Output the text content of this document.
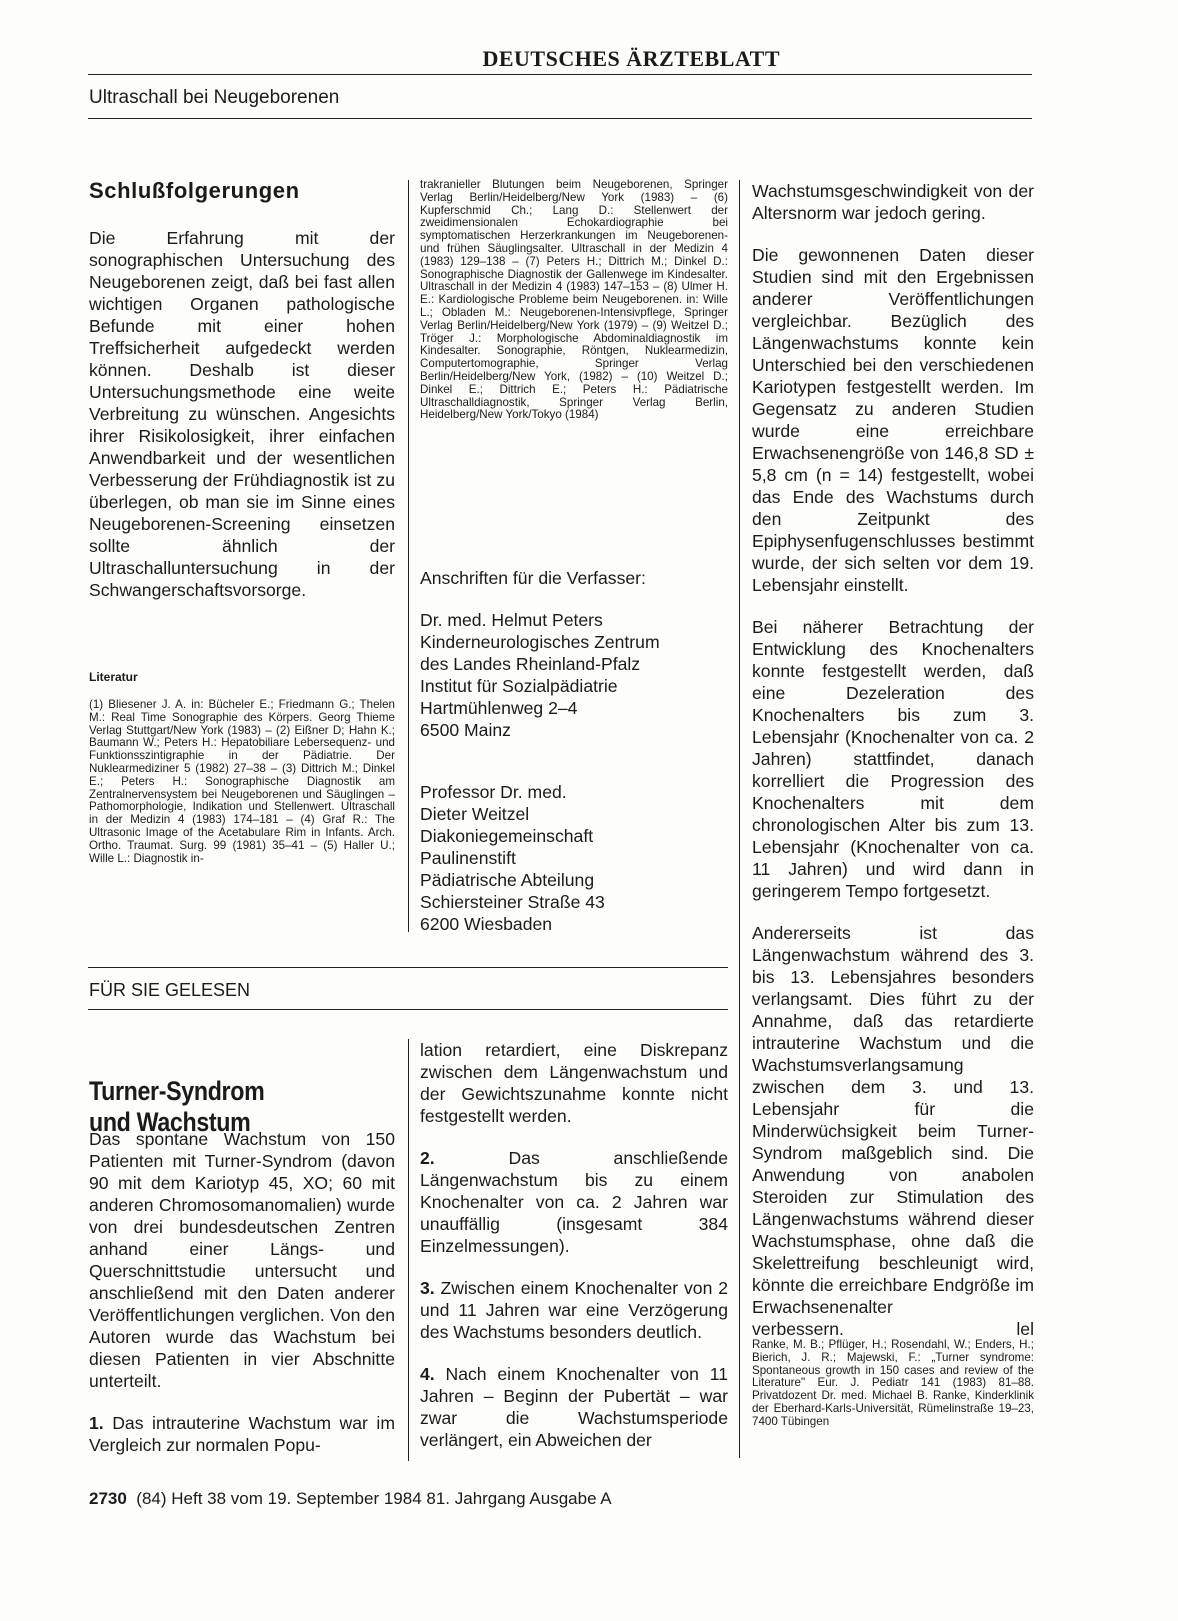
DEUTSCHES ÄRZTEBLATT
Ultraschall bei Neugeborenen
Schlußfolgerungen
Die Erfahrung mit der sonographischen Untersuchung des Neugeborenen zeigt, daß bei fast allen wichtigen Organen pathologische Befunde mit einer hohen Treffsicherheit aufgedeckt werden können. Deshalb ist dieser Untersuchungsmethode eine weite Verbreitung zu wünschen. Angesichts ihrer Risikolosigkeit, ihrer einfachen Anwendbarkeit und der wesentlichen Verbesserung der Frühdiagnostik ist zu überlegen, ob man sie im Sinne eines Neugeborenen-Screening einsetzen sollte ähnlich der Ultraschalluntersuchung in der Schwangerschaftsvorsorge.
Literatur
(1) Bliesener J. A. in: Bücheler E.; Friedmann G.; Thelen M.: Real Time Sonographie des Körpers. Georg Thieme Verlag Stuttgart/New York (1983) – (2) Eißner D; Hahn K.; Baumann W.; Peters H.: Hepatobiliare Lebersequenz- und Funktionsszintigraphie in der Pädiatrie. Der Nuklearmediziner 5 (1982) 27–38 – (3) Dittrich M.; Dinkel E.; Peters H.: Sonographische Diagnostik am Zentralnervensystem bei Neugeborenen und Säuglingen – Pathomorphologie, Indikation und Stellenwert. Ultraschall in der Medizin 4 (1983) 174–181 – (4) Graf R.: The Ultrasonic Image of the Acetabulare Rim in Infants. Arch. Ortho. Traumat. Surg. 99 (1981) 35–41 – (5) Haller U.; Wille L.: Diagnostik in-
trakranieller Blutungen beim Neugeborenen, Springer Verlag Berlin/Heidelberg/New York (1983) – (6) Kupferschmid Ch.; Lang D.: Stellenwert der zweidimensionalen Echokardiographie bei symptomatischen Herzerkrankungen im Neugeborenen- und frühen Säuglingsalter. Ultraschall in der Medizin 4 (1983) 129–138 – (7) Peters H.; Dittrich M.; Dinkel D.: Sonographische Diagnostik der Gallenwege im Kindesalter. Ultraschall in der Medizin 4 (1983) 147–153 – (8) Ulmer H. E.: Kardiologische Probleme beim Neugeborenen. in: Wille L.; Obladen M.: Neugeborenen-Intensivpflege, Springer Verlag Berlin/Heidelberg/New York (1979) – (9) Weitzel D.; Tröger J.: Morphologische Abdominaldiagnostik im Kindesalter. Sonographie, Röntgen, Nuklearmedizin, Computertomographie, Springer Verlag Berlin/Heidelberg/New York, (1982) – (10) Weitzel D.; Dinkel E.; Dittrich E.; Peters H.: Pädiatrische Ultraschalldiagnostik, Springer Verlag Berlin, Heidelberg/New York/Tokyo (1984)
Anschriften für die Verfasser:
Dr. med. Helmut Peters
Kinderneurologisches Zentrum
des Landes Rheinland-Pfalz
Institut für Sozialpädiatrie
Hartmühlenweg 2–4
6500 Mainz
Professor Dr. med.
Dieter Weitzel
Diakoniegemeinschaft
Paulinenstift
Pädiatrische Abteilung
Schiersteiner Straße 43
6200 Wiesbaden

Wachstumsgeschwindigkeit von der Altersnorm war jedoch gering.

Die gewonnenen Daten dieser Studien sind mit den Ergebnissen anderer Veröffentlichungen vergleichbar. Bezüglich des Längenwachstums konnte kein Unterschied bei den verschiedenen Kariotypen festgestellt werden. Im Gegensatz zu anderen Studien wurde eine erreichbare Erwachsenengröße von 146,8 SD ± 5,8 cm (n = 14) festgestellt, wobei das Ende des Wachstums durch den Zeitpunkt des Epiphysenfugenschlusses bestimmt wurde, der sich selten vor dem 19. Lebensjahr einstellt.

Bei näherer Betrachtung der Entwicklung des Knochenalters konnte festgestellt werden, daß eine Dezeleration des Knochenalters bis zum 3. Lebensjahr (Knochenalter von ca. 2 Jahren) stattfindet, danach korrelliert die Progression des Knochenalters mit dem chronologischen Alter bis zum 13. Lebensjahr (Knochenalter von ca. 11 Jahren) und wird dann in geringerem Tempo fortgesetzt.

Andererseits ist das Längenwachstum während des 3. bis 13. Lebensjahres besonders verlangsamt. Dies führt zu der Annahme, daß das retardierte intrauterine Wachstum und die Wachstumsverlangsamung zwischen dem 3. und 13. Lebensjahr für die Minderwüchsigkeit beim Turner-Syndrom maßgeblich sind. Die Anwendung von anabolen Steroiden zur Stimulation des Längenwachstums während dieser Wachstumsphase, ohne daß die Skelettreifung beschleunigt wird, könnte die erreichbare Endgröße im Erwachsenenalter verbessern.	lel

Ranke, M. B.; Pflüger, H.; Rosendahl, W.; Enders, H.; Bierich, J. R.; Majewski, F.: „Turner syndrome: Spontaneous growth in 150 cases and review of the Literature" Eur. J. Pediatr 141 (1983) 81–88. Privatdozent Dr. med. Michael B. Ranke, Kinderklinik der Eberhard-Karls-Universität, Rümelinstraße 19–23, 7400 Tübingen
FÜR SIE GELESEN
Turner-Syndrom
und Wachstum

Das spontane Wachstum von 150 Patienten mit Turner-Syndrom (davon 90 mit dem Kariotyp 45, XO; 60 mit anderen Chromosomanomalien) wurde von drei bundesdeutschen Zentren anhand einer Längs- und Querschnittstudie untersucht und anschließend mit den Daten anderer Veröffentlichungen verglichen. Von den Autoren wurde das Wachstum bei diesen Patienten in vier Abschnitte unterteilt.

1. Das intrauterine Wachstum war im Vergleich zur normalen Popu-

lation retardiert, eine Diskrepanz zwischen dem Längenwachstum und der Gewichtszunahme konnte nicht festgestellt werden.

2.	Das anschließende Längenwachstum bis zu einem Knochenalter von ca. 2 Jahren war unauffällig (insgesamt 384 Einzelmessungen).

3. Zwischen einem Knochenalter von 2 und 11 Jahren war eine Verzögerung des Wachstums besonders deutlich.

4. Nach einem Knochenalter von 11 Jahren – Beginn der Pubertät – war zwar die Wachstumsperiode verlängert, ein Abweichen der

2730 (84) Heft 38 vom 19. September 1984 81. Jahrgang Ausgabe A
